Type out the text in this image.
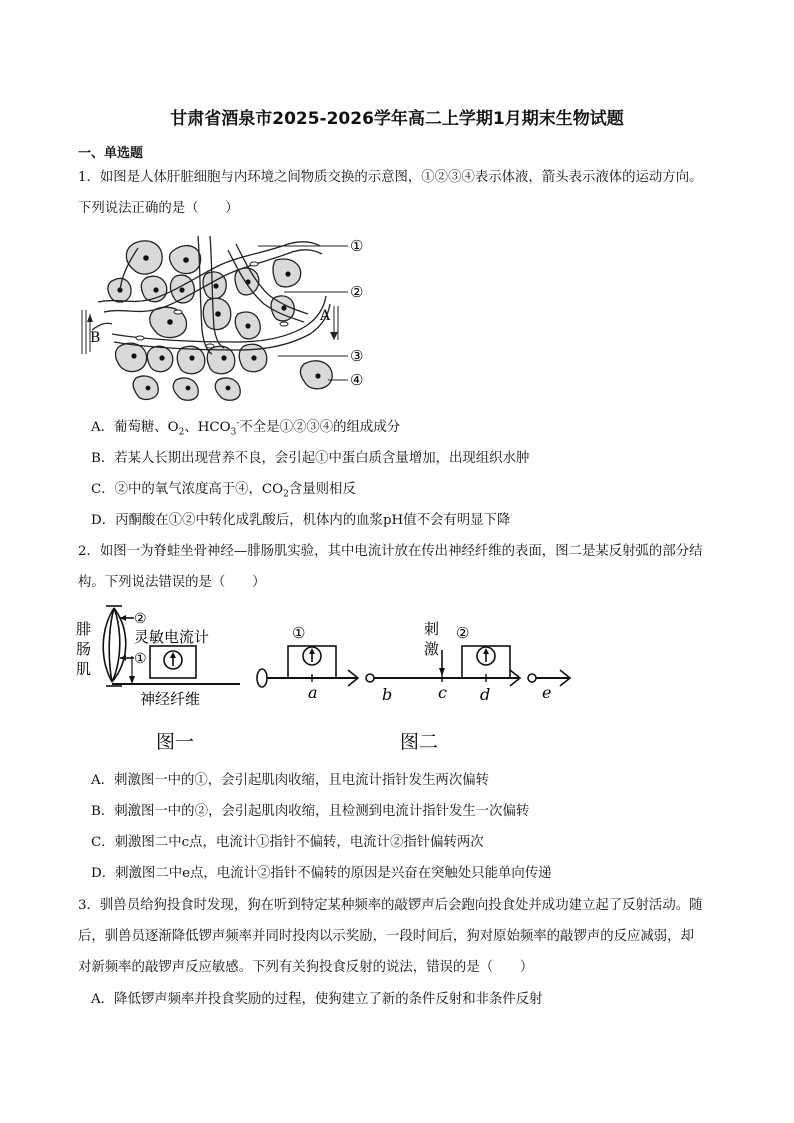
甘肃省酒泉市2025-2026学年高二上学期1月期末生物试题
一、单选题
1．如图是人体肝脏细胞与内环境之间物质交换的示意图，①②③④表示体液，箭头表示液体的运动方向。
下列说法正确的是（　　）
①
②
③
④
A
B
A．葡萄糖、$O_2$、$HCO_3^-$不全是①②③④的组成成分
B．若某人长期出现营养不良，会引起①中蛋白质含量增加，出现组织水肿
C．②中的氧气浓度高于④，$CO_2$含量则相反
D．丙酮酸在①②中转化成乳酸后，机体内的血浆pH值不会有明显下降
2．如图一为脊蛙坐骨神经—腓肠肌实验，其中电流计放在传出神经纤维的表面，图二是某反射弧的部分结
构。下列说法错误的是（　　）
腓
肠
肌
②
①
灵敏电流计
神经纤维
图一
①	②
刺
激
a	b	c d	e
图二
A．刺激图一中的①，会引起肌肉收缩，且电流计指针发生两次偏转
B．刺激图一中的②，会引起肌肉收缩，且检测到电流计指针发生一次偏转
C．刺激图二中c点，电流计①指针不偏转，电流计②指针偏转两次
D．刺激图二中e点，电流计②指针不偏转的原因是兴奋在突触处只能单向传递
3．驯兽员给狗投食时发现，狗在听到特定某种频率的敲锣声后会跑向投食处并成功建立起了反射活动。随
后，驯兽员逐渐降低锣声频率并同时投肉以示奖励，一段时间后，狗对原始频率的敲锣声的反应减弱，却
对新频率的敲锣声反应敏感。下列有关狗投食反射的说法，错误的是（　　）
A．降低锣声频率并投食奖励的过程，使狗建立了新的条件反射和非条件反射
